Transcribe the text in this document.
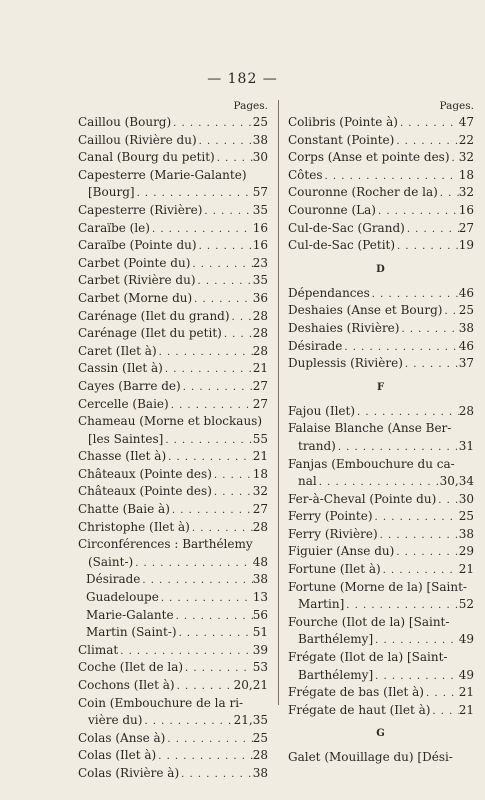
— 182 —
Pages.
Caillou (Bourg) . . .	25
Caillou (Rivière du) . . .	38
Canal (Bourg du petit) . . .	30
Capesterre (Marie-Galante)
[Bourg] . . .	57
Capesterre (Rivière) . . .	35
Caraïbe (le) . . .	16
Caraïbe (Pointe du) . . .	16
Carbet (Pointe du) . . .	23
Carbet (Rivière du) . . .	35
Carbet (Morne du) . . .	36
Carénage (Ilet du grand) . . . 28
Carénage (Ilet du petit) . . .	28
Caret (Ilet à) . . .	28
Cassin (Ilet à) . . .	21
Cayes (Barre de) . . .	27
Cercelle (Baie) . . .	27
Chameau (Morne et blockaus)
[les Saintes] . . .	55
Chasse (Ilet à) . . .	21
Châteaux (Pointe des) . . .	18
Châteaux (Pointe des) . . .	32
Chatte (Baie à) . . .	27
Christophe (Ilet à) . . .	28
Circonférences : Barthélemy
(Saint-) . . .	48
Désirade . . .	38
Guadeloupe . . .	13
Marie-Galante . . .	56
Martin (Saint-) . . .	51
Climat . . .	39
Coche (Ilet de la) . . .	53
Cochons (Ilet à) . . .	20,21
Coin (Embouchure de la ri-
vière du) . . .	21,35
Colas (Anse à) . . .	25
Colas (Ilet à) . . .	28
Colas (Rivière à) . . .	38
Pages.
Colibris (Pointe à) . . .	47
Constant (Pointe) . . .	22
Corps (Anse et pointe des) . . . 32
Côtes . . .	18
Couronne (Rocher de la) . . . 32
Couronne (La) . . .	16
Cul-de-Sac (Grand) . . .	27
Cul-de-Sac (Petit) . . .	19
D
Dépendances . . .	46
Deshaies (Anse et Bourg) . . . 25
Deshaies (Rivière) . . .	38
Désirade . . .	46
Duplessis (Rivière) . . .	37
F
Fajou (Ilet) . . .	28
Falaise Blanche (Anse Ber-
trand) . . .	31
Fanjas (Embouchure du ca-
nal . . .	30,34
Fer-à-Cheval (Pointe du) . . . 30
Ferry (Pointe) . . .	25
Ferry (Rivière) . . .	38
Figuier (Anse du) . . .	29
Fortune (Ilet à) . . .	21
Fortune (Morne de la) [Saint-
Martin] . . .	52
Fourche (Ilot de la) [Saint-
Barthélemy] . . .	49
Frégate (Ilot de la) [Saint-
Barthélemy] . . .	49
Frégate de bas (Ilet à) . . .	21
Frégate de haut (Ilet à) . . . 21
G
Galet (Mouillage du) [Dési-
